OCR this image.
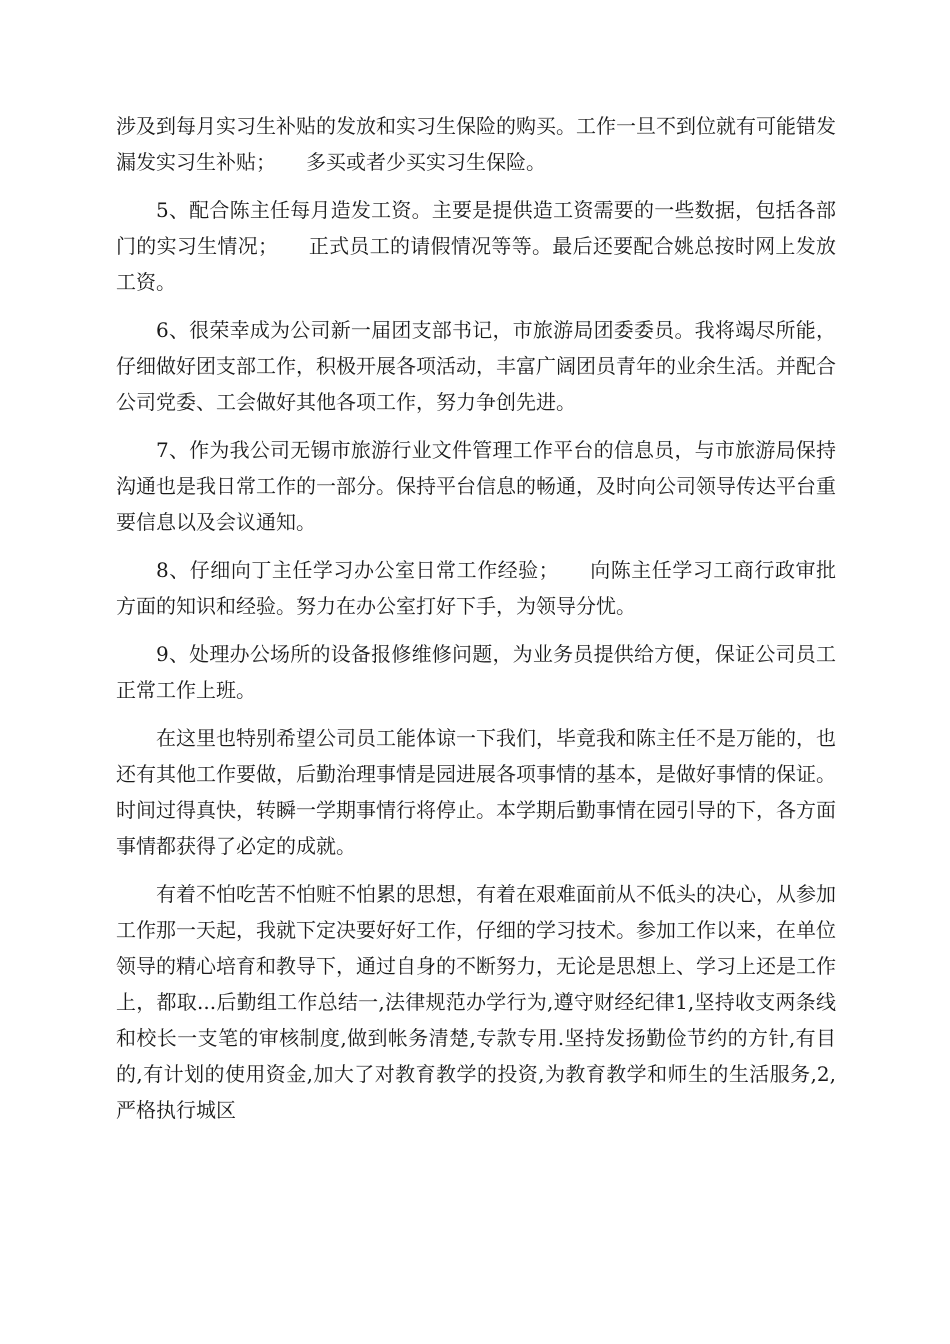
涉及到每月实习生补贴的发放和实习生保险的购买。工作一旦不到位就有可能错发漏发实习生补贴；　　多买或者少买实习生保险。

5、配合陈主任每月造发工资。主要是提供造工资需要的一些数据，包括各部门的实习生情况；　　正式员工的请假情况等等。最后还要配合姚总按时网上发放工资。

6、很荣幸成为公司新一届团支部书记，市旅游局团委委员。我将竭尽所能，仔细做好团支部工作，积极开展各项活动，丰富广阔团员青年的业余生活。并配合公司党委、工会做好其他各项工作，努力争创先进。

7、作为我公司无锡市旅游行业文件管理工作平台的信息员，与市旅游局保持沟通也是我日常工作的一部分。保持平台信息的畅通，及时向公司领导传达平台重要信息以及会议通知。

8、仔细向丁主任学习办公室日常工作经验；　　向陈主任学习工商行政审批方面的知识和经验。努力在办公室打好下手，为领导分忧。

9、处理办公场所的设备报修维修问题，为业务员提供给方便，保证公司员工正常工作上班。

在这里也特别希望公司员工能体谅一下我们，毕竟我和陈主任不是万能的，也还有其他工作要做，后勤治理事情是园进展各项事情的基本，是做好事情的保证。时间过得真快，转瞬一学期事情行将停止。本学期后勤事情在园引导的下，各方面事情都获得了必定的成就。

有着不怕吃苦不怕赃不怕累的思想，有着在艰难面前从不低头的决心，从参加工作那一天起，我就下定决要好好工作，仔细的学习技术。参加工作以来，在单位领导的精心培育和教导下，通过自身的不断努力，无论是思想上、学习上还是工作上，都取...后勤组工作总结一,法律规范办学行为,遵守财经纪律1,坚持收支两条线和校长一支笔的审核制度,做到帐务清楚,专款专用.坚持发扬勤俭节约的方针,有目的,有计划的使用资金,加大了对教育教学的投资,为教育教学和师生的生活服务,2,严格执行城区
